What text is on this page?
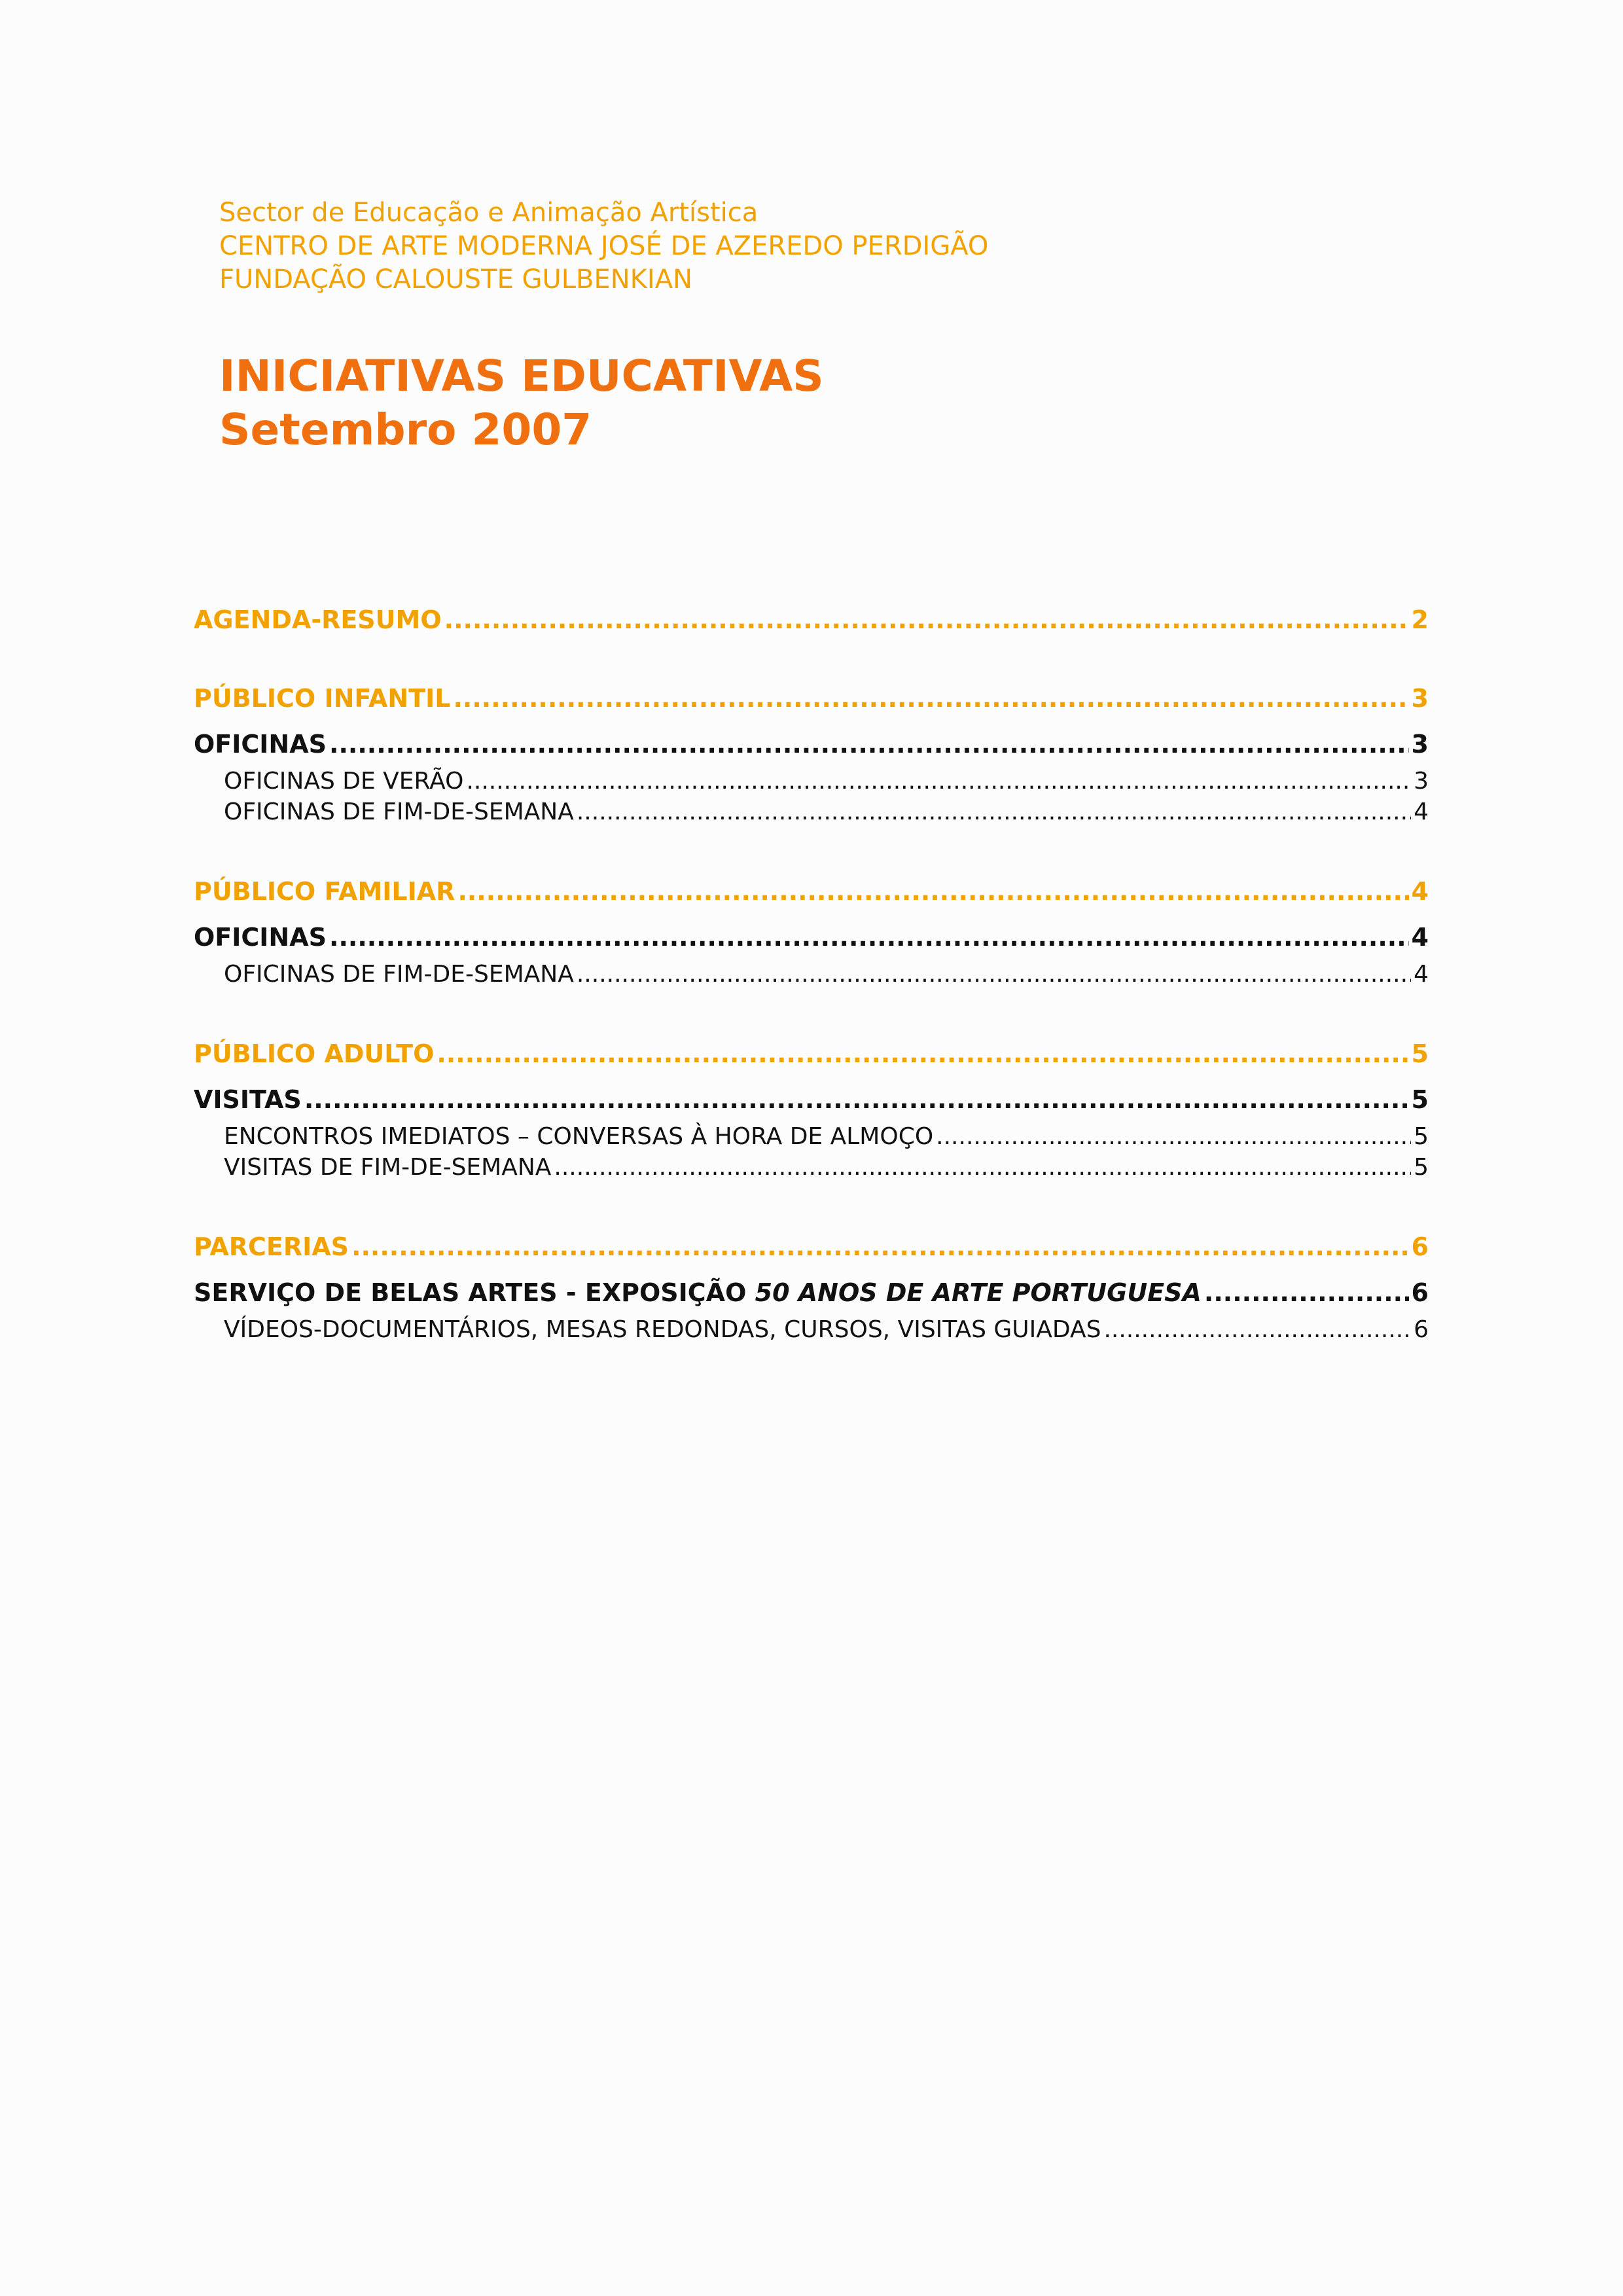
Sector de Educação e Animação Artística
CENTRO DE ARTE MODERNA JOSÉ DE AZEREDO PERDIGÃO
FUNDAÇÃO CALOUSTE GULBENKIAN
INICIATIVAS EDUCATIVAS
Setembro 2007
AGENDA-RESUMO .....	2
PÚBLICO INFANTIL .....	3
OFICINAS .....	3
OFICINAS DE VERÃO .....	3
OFICINAS DE FIM-DE-SEMANA .....	4
PÚBLICO FAMILIAR .....	4
OFICINAS .....	4
OFICINAS DE FIM-DE-SEMANA .....	4
PÚBLICO ADULTO .....	5
VISITAS .....	5
ENCONTROS IMEDIATOS – CONVERSAS À HORA DE ALMOÇO .....	5
VISITAS DE FIM-DE-SEMANA .....	5
PARCERIAS .....	6
SERVIÇO DE BELAS ARTES - EXPOSIÇÃO 50 ANOS DE ARTE PORTUGUESA .....	6
VÍDEOS-DOCUMENTÁRIOS, MESAS REDONDAS, CURSOS, VISITAS GUIADAS .....	6
